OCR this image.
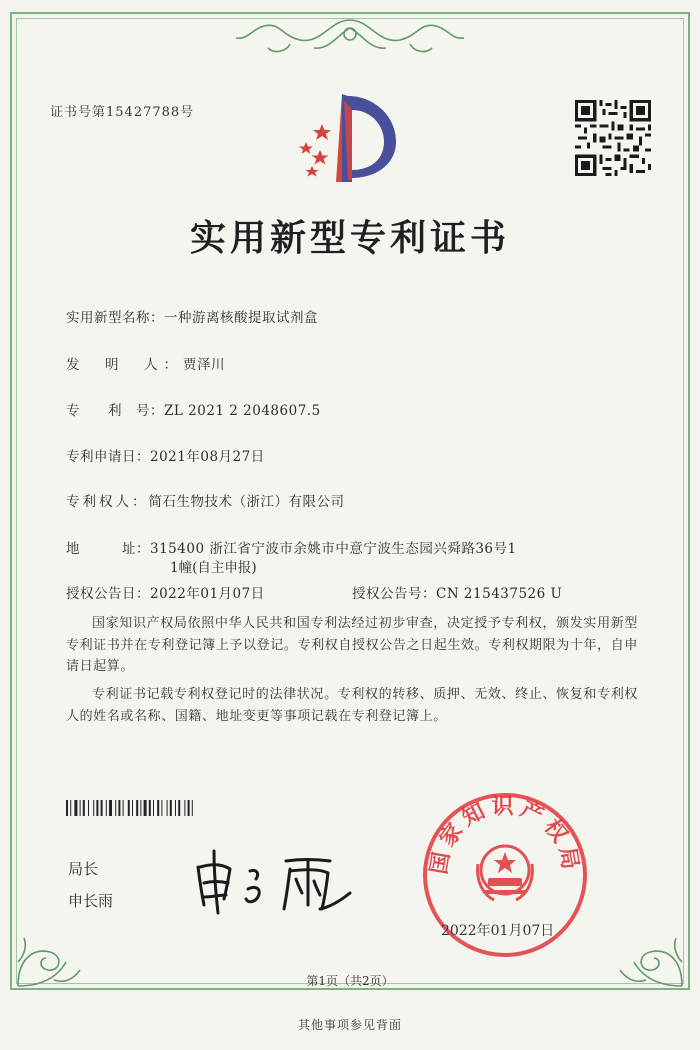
证书号第15427788号
实用新型专利证书
实用新型名称：一种游离核酸提取试剂盒
发　明　人：贾泽川
专　　利　号：ZL 2021 2 2048607.5
专利申请日：2021年08月27日
专利权人：简石生物技术（浙江）有限公司
地　　　址：315400 浙江省宁波市余姚市中意宁波生态园兴舜路36号1
1幢(自主申报)
授权公告日：2022年01月07日	授权公告号：CN 215437526 U
国家知识产权局依照中华人民共和国专利法经过初步审查，决定授予专利权，颁发实用新型专利证书并在专利登记簿上予以登记。专利权自授权公告之日起生效。专利权期限为十年，自申请日起算。
专利证书记载专利权登记时的法律状况。专利权的转移、质押、无效、终止、恢复和专利权人的姓名或名称、国籍、地址变更等事项记载在专利登记簿上。
局长
申长雨
国家知识产权局
2022年01月07日
第1页（共2页）
其他事项参见背面
